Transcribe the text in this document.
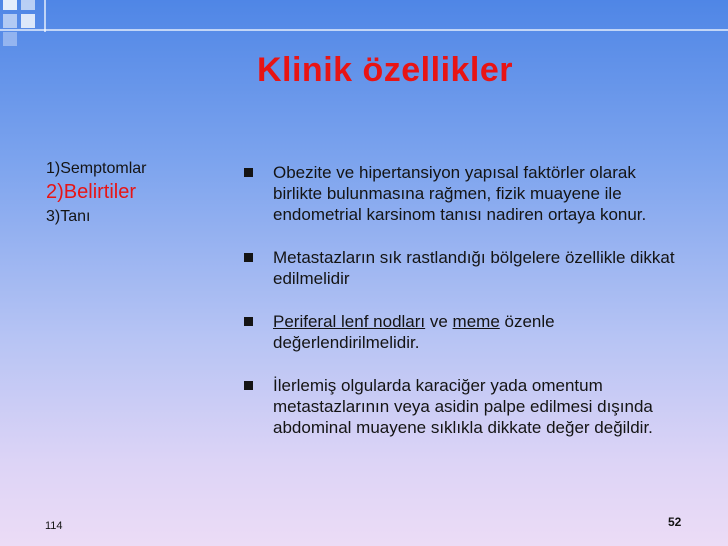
Klinik özellikler
1)Semptomlar
2)Belirtiler
3)Tanı
Obezite ve hipertansiyon yapısal faktörler olarak birlikte bulunmasına rağmen, fizik muayene ile endometrial karsinom tanısı nadiren ortaya konur.
Metastazların sık rastlandığı bölgelere özellikle dikkat edilmelidir
Periferal lenf nodları ve meme özenle değerlendirilmelidir.
İlerlemiş olgularda karaciğer yada omentum metastazlarının veya asidin palpe edilmesi dışında abdominal muayene sıklıkla dikkate değer değildir.
114	52
